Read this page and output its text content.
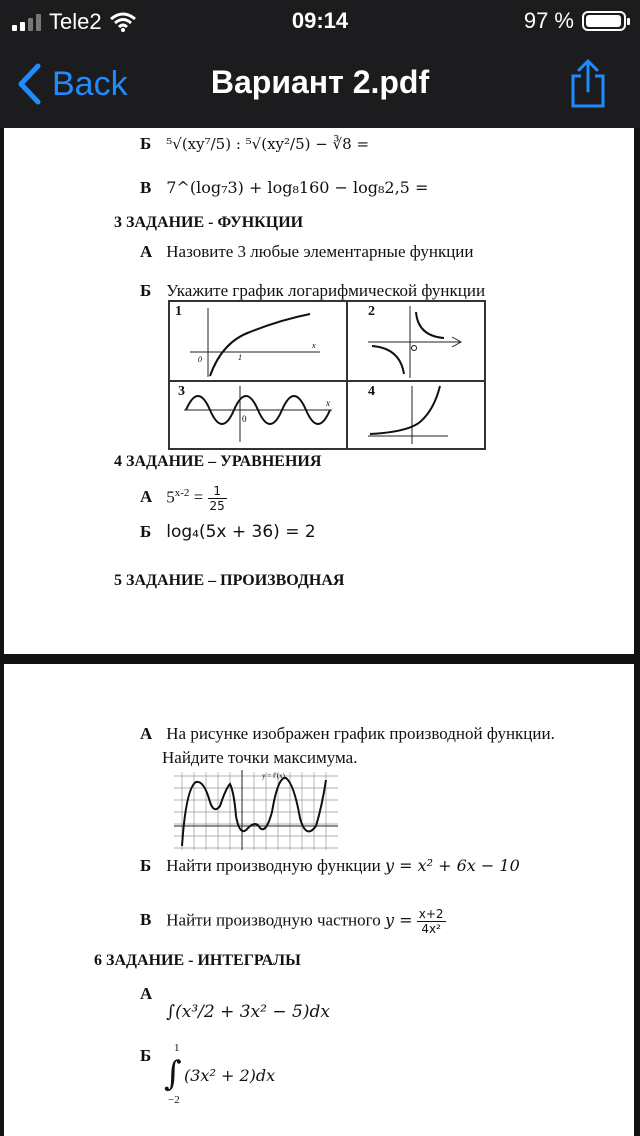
Tele2	09:14	97 %
Back	Вариант 2.pdf
Б ⁵√(xy⁷/5) : ⁵√(xy²/5) − ∛8 =
В 7^(log₇3) + log₈160 − log₈2,5 =
3 ЗАДАНИЕ - ФУНКЦИИ
А Назовите 3 любые элементарные функции
Б Укажите график логарифмической функции
1
0	1
x
2
3
0
x
4
4 ЗАДАНИЕ – УРАВНЕНИЯ
А $5^{x-2} = \frac{1}{25}$
Б log₄(5x + 36) = 2
5 ЗАДАНИЕ – ПРОИЗВОДНАЯ
А На рисунке изображен график производной функции.
Найдите точки максимума.
y = f′(x)
Б Найти производную функции y = x² + 6x − 10
В Найти производную частного $y = \frac{x+2}{\text{4x²}}$
6 ЗАДАНИЕ - ИНТЕГРАЛЫ
А ∫(x³/2 + 3x² − 5)dx
Б	1
∫ (3x² + 2)dx
−2
